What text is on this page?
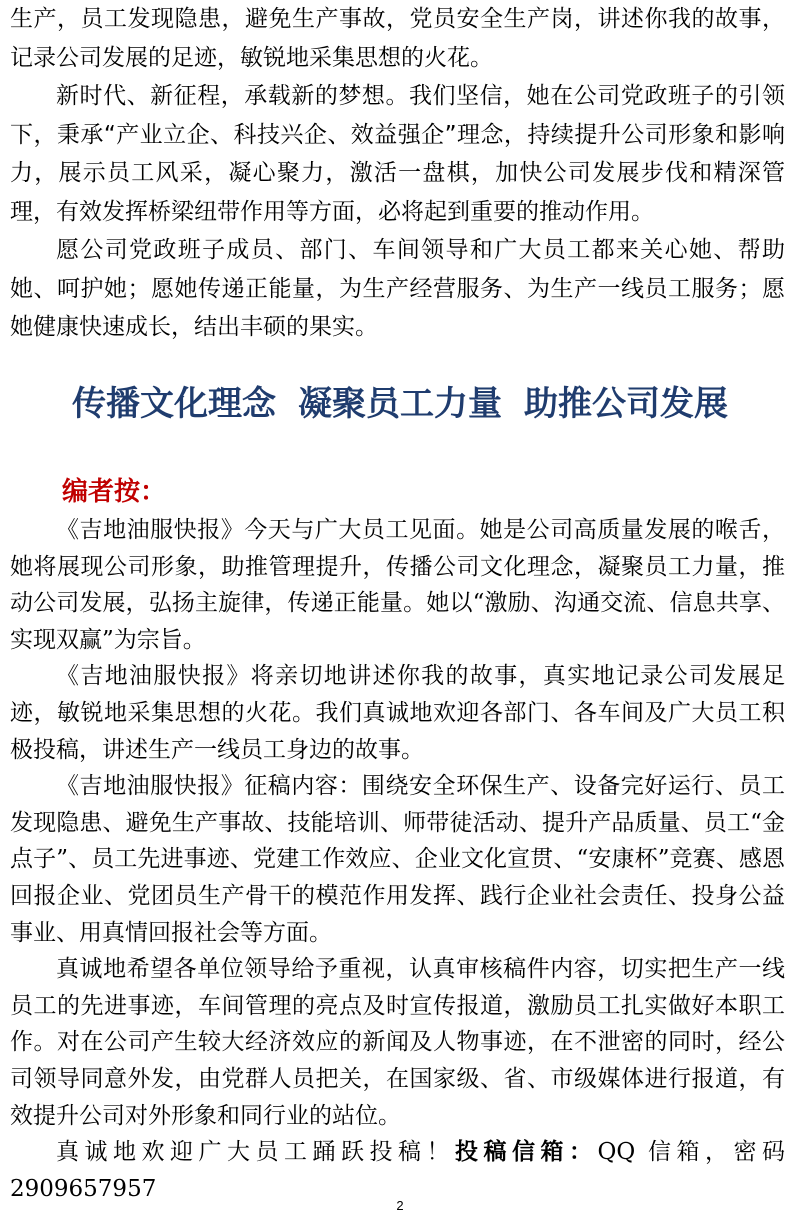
生产，员工发现隐患，避免生产事故，党员安全生产岗，讲述你我的故事，记录公司发展的足迹，敏锐地采集思想的火花。

新时代、新征程，承载新的梦想。我们坚信，她在公司党政班子的引领下，秉承“产业立企、科技兴企、效益强企”理念，持续提升公司形象和影响力，展示员工风采，凝心聚力，激活一盘棋，加快公司发展步伐和精深管理，有效发挥桥梁纽带作用等方面，必将起到重要的推动作用。

愿公司党政班子成员、部门、车间领导和广大员工都来关心她、帮助她、呵护她；愿她传递正能量，为生产经营服务、为生产一线员工服务；愿她健康快速成长，结出丰硕的果实。

传播文化理念 凝聚员工力量 助推公司发展
编者按：

《吉地油服快报》今天与广大员工见面。她是公司高质量发展的喉舌，她将展现公司形象，助推管理提升，传播公司文化理念，凝聚员工力量，推动公司发展，弘扬主旋律，传递正能量。她以“激励、沟通交流、信息共享、实现双赢”为宗旨。

《吉地油服快报》将亲切地讲述你我的故事，真实地记录公司发展足迹，敏锐地采集思想的火花。我们真诚地欢迎各部门、各车间及广大员工积极投稿，讲述生产一线员工身边的故事。

《吉地油服快报》征稿内容：围绕安全环保生产、设备完好运行、员工发现隐患、避免生产事故、技能培训、师带徒活动、提升产品质量、员工“金点子”、员工先进事迹、党建工作效应、企业文化宣贯、“安康杯”竞赛、感恩回报企业、党团员生产骨干的模范作用发挥、践行企业社会责任、投身公益事业、用真情回报社会等方面。

真诚地希望各单位领导给予重视，认真审核稿件内容，切实把生产一线员工的先进事迹，车间管理的亮点及时宣传报道，激励员工扎实做好本职工作。对在公司产生较大经济效应的新闻及人物事迹，在不泄密的同时，经公司领导同意外发，由党群人员把关，在国家级、省、市级媒体进行报道，有效提升公司对外形象和同行业的站位。

真诚地欢迎广大员工踊跃投稿！投稿信箱：QQ 信箱，密码 2909657957

2
